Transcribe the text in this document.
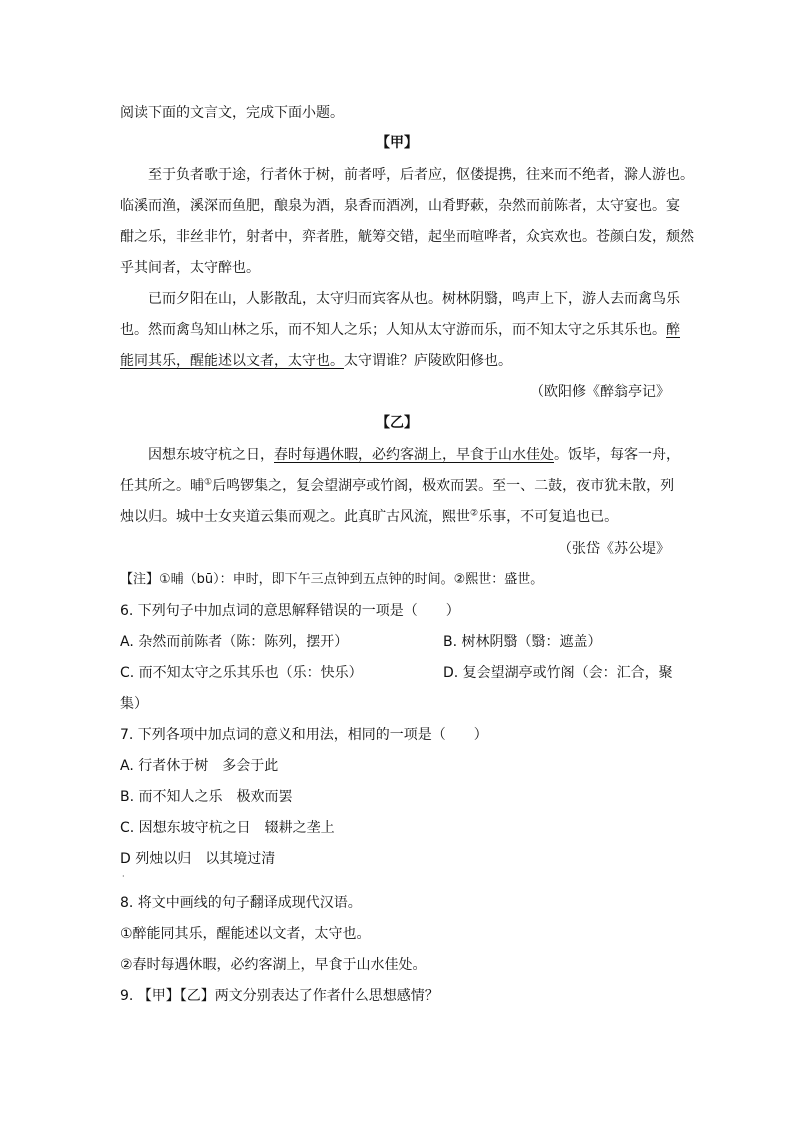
阅读下面的文言文，完成下面小题。
【甲】
至于负者歌于途，行者休于树，前者呼，后者应，伛偻提携，往来而不绝者，滁人游也。
临溪而渔，溪深而鱼肥，酿泉为酒，泉香而酒冽，山肴野蔌，杂然而前陈者，太守宴也。宴
酣之乐，非丝非竹，射者中，弈者胜，觥筹交错，起坐而喧哗者，众宾欢也。苍颜白发，颓然
乎其间者，太守醉也。
已而夕阳在山，人影散乱，太守归而宾客从也。树林阴翳，鸣声上下，游人去而禽鸟乐
也。然而禽鸟知山林之乐，而不知人之乐；人知从太守游而乐，而不知太守之乐其乐也。醉
能同其乐，醒能述以文者，太守也。太守谓谁？庐陵欧阳修也。
（欧阳修《醉翁亭记》
【乙】
因想东坡守杭之日，春时每遇休暇，必约客湖上，早食于山水佳处。饭毕，每客一舟，
任其所之。晡①后鸣锣集之，复会望湖亭或竹阁，极欢而罢。至一、二鼓，夜市犹未散，列
烛以归。城中士女夹道云集而观之。此真旷古风流，熙世②乐事，不可复追也已。
（张岱《苏公堤》
【注】①晡（bū）：申时，即下午三点钟到五点钟的时间。②熙世：盛世。
6. 下列句子中加点词的意思解释错误的一项是（　　）
A. 杂然而前陈者（陈：陈列，摆开）	B. 树林阴翳（翳：遮盖）
C. 而不知太守之乐其乐也（乐：快乐）	D. 复会望湖亭或竹阁（会：汇合，聚
集）
7. 下列各项中加点词的意义和用法，相同的一项是（　　）
A. 行者休于树　多会于此
B. 而不知人之乐　极欢而罢
C. 因想东坡守杭之日　辍耕之垄上
D 列烛以归　以其境过清
·
8. 将文中画线的句子翻译成现代汉语。
①醉能同其乐，醒能述以文者，太守也。
②春时每遇休暇，必约客湖上，早食于山水佳处。
9. 【甲】【乙】两文分别表达了作者什么思想感情？
